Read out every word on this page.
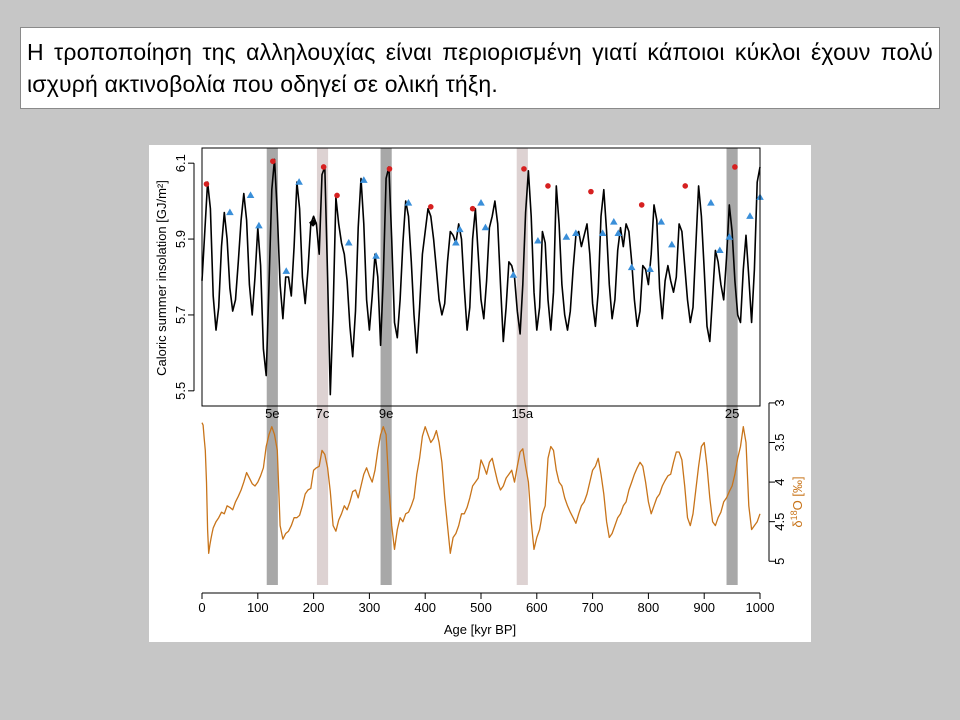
Η τροποποίηση της αλληλουχίας είναι περιορισμένη γιατί κάποιοι κύκλοι έχουν πολύ ισχυρή ακτινοβολία που οδηγεί σε ολική τήξη.
5e	7c	9e	15a	25
0	100	200	300	400	500	600	700	800	900 1000
5.5
5.7
5.9
6.1
3
3.5
4
4.5
5
Caloric summer insolation [GJ/m²]
$\delta^{18}O$ [‰]
Age [kyr BP]
